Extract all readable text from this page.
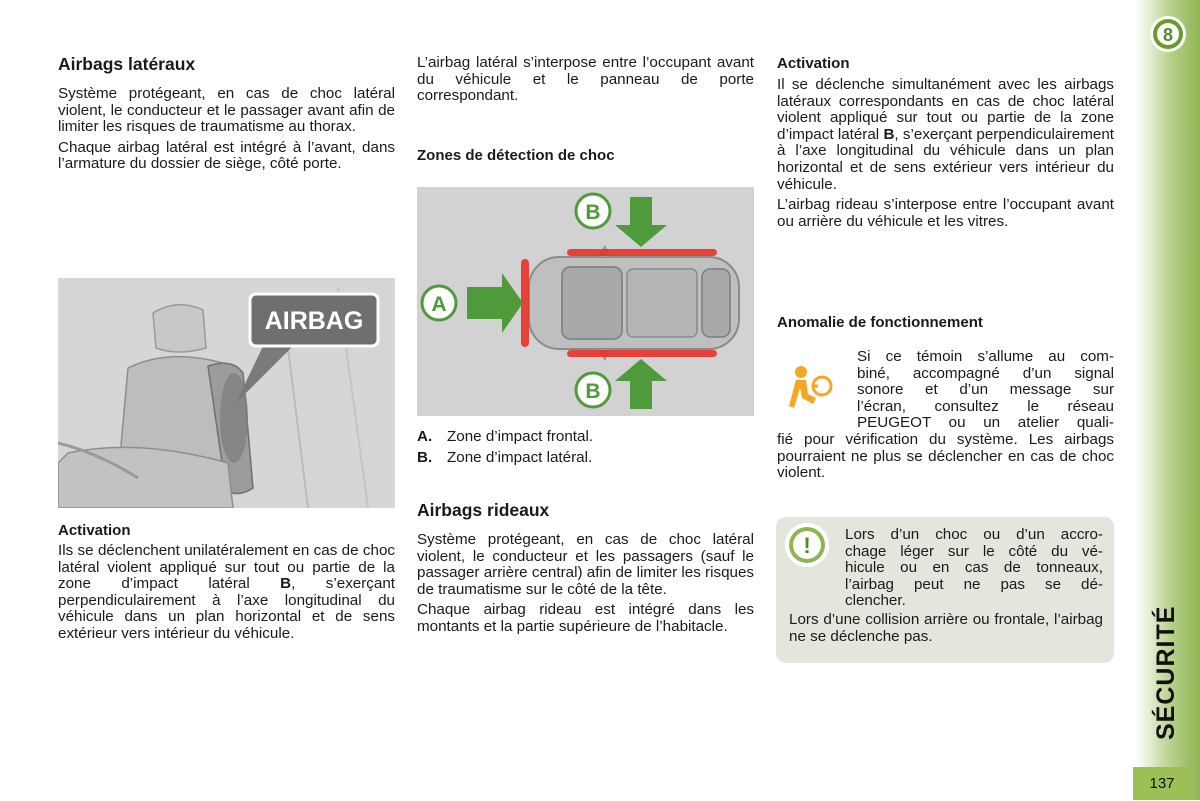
Airbags latéraux

Système protégeant, en cas de choc latéral violent, le conducteur et le passager avant afin de limiter les risques de traumatisme au thorax.

Chaque airbag latéral est intégré à l’avant, dans l’armature du dossier de siège, côté porte.

AIRBAG
Activation

Ils se déclenchent unilatéralement en cas de choc latéral violent appliqué sur tout ou partie de la zone d’impact latéral B, s’exerçant perpendiculairement à l’axe longitudinal du véhicule dans un plan horizontal et de sens extérieur vers intérieur du véhicule.

L’airbag latéral s’interpose entre l’occupant avant du véhicule et le panneau de porte correspondant.

Zones de détection de choc
A
B
B
A. Zone d’impact frontal.
B. Zone d’impact latéral.
Airbags rideaux

Système protégeant, en cas de choc latéral violent, le conducteur et les passagers (sauf le passager arrière central) afin de limiter les risques de traumatisme sur le côté de la tête.

Chaque airbag rideau est intégré dans les montants et la partie supérieure de l’habitacle.

Activation

Il se déclenche simultanément avec les airbags latéraux correspondants en cas de choc latéral violent appliqué sur tout ou partie de la zone d’impact latéral B, s’exerçant perpendiculairement à l’axe longitudinal du véhicule dans un plan horizontal et de sens extérieur vers intérieur du véhicule.

L’airbag rideau s’interpose entre l’occupant avant ou arrière du véhicule et les vitres.

Anomalie de fonctionnement
Si ce témoin s’allume au com-
biné, accompagné d’un signal
sonore et d’un message sur
l’écran, consultez le réseau
PEUGEOT ou un atelier quali-

fié pour vérification du système. Les airbags pourraient ne plus se déclencher en cas de choc violent.

! Lors d’un choc ou d’un accro-
chage léger sur le côté du vé-
hicule ou en cas de tonneaux,
l’airbag peut ne pas se dé-
clencher.

Lors d’une collision arrière ou frontale, l’airbag ne se déclenche pas.

8
SÉCURITÉ
137
